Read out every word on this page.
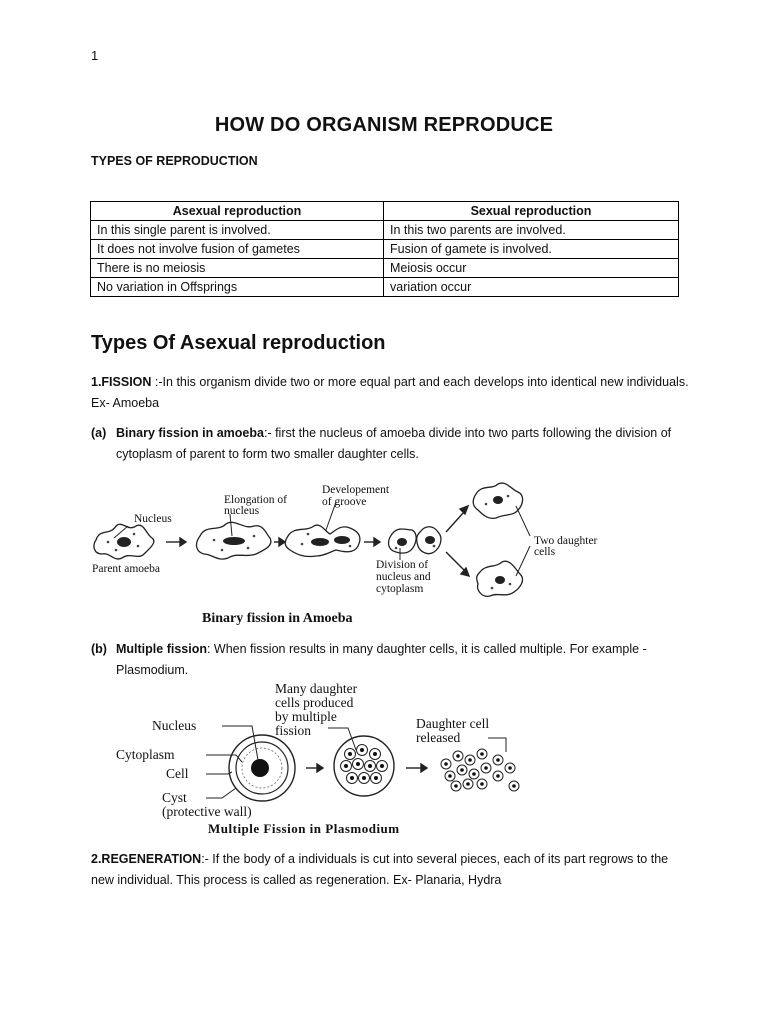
1
HOW DO ORGANISM REPRODUCE
TYPES OF REPRODUCTION
Asexual reproduction	Sexual reproduction
In this single parent is involved.	In this two parents are involved.
It does not involve fusion of gametes	Fusion of gamete is involved.
There is no meiosis	Meiosis occur
No variation in Offsprings	variation occur
Types Of Asexual reproduction
1.FISSION :-In this organism divide two or more equal part and each develops into identical new individuals. Ex- Amoeba
(a) Binary fission in amoeba:- first the nucleus of amoeba divide into two parts following the division of cytoplasm of parent to form two smaller daughter cells.
Nucleus
Parent amoeba
Elongation of
nucleus
Developement
of groove
Division of
nucleus and
cytoplasm
Two daughter
cells
Binary fission in Amoeba
(b) Multiple fission: When fission results in many daughter cells, it is called multiple. For example - Plasmodium.
Many daughter
cells produced
by multiple
fission
Nucleus
Cytoplasm
Cell
Cyst
(protective wall)
Daughter cell
released
Multiple Fission in Plasmodium
2.REGENERATION:- If the body of a individuals is cut into several pieces, each of its part regrows to the new individual. This process is called as regeneration. Ex- Planaria, Hydra
